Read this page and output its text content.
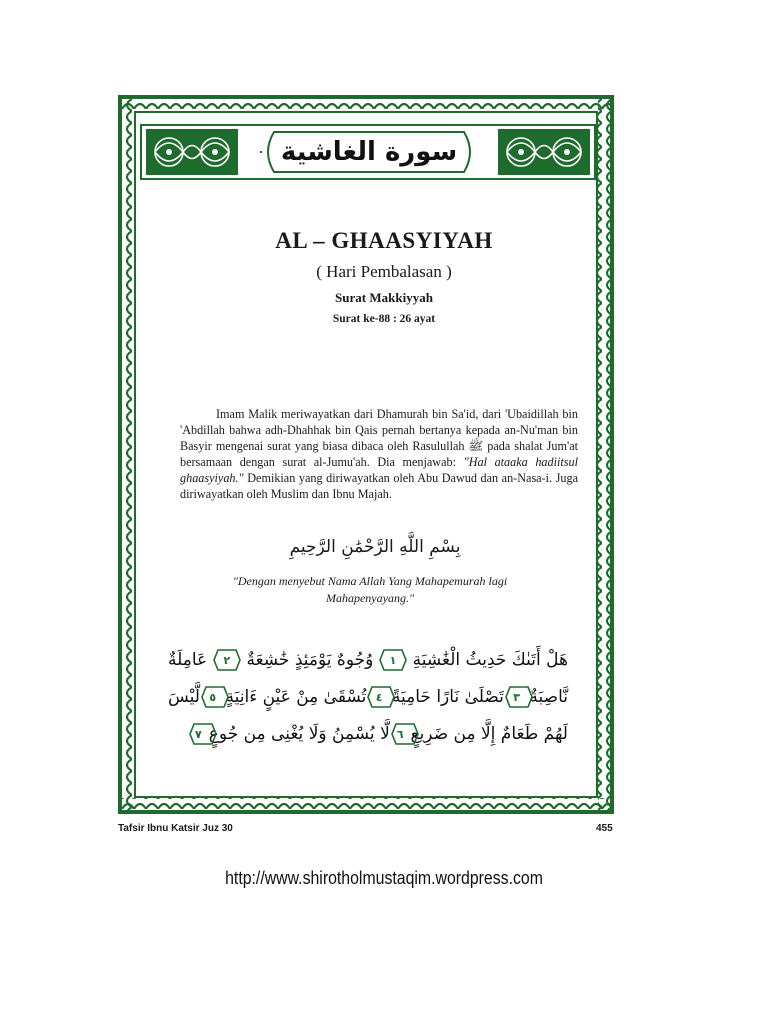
سورة الغاشية
AL – GHAASYIYAH
( Hari Pembalasan )
Surat Makkiyyah
Surat ke-88 : 26 ayat

Imam Malik meriwayatkan dari Dhamurah bin Sa'id, dari 'Ubaidillah bin 'Abdillah bahwa adh-Dhahhak bin Qais pernah bertanya kepada an-Nu'man bin Basyir mengenai surat yang biasa dibaca oleh Rasulullah ﷺ pada shalat Jum'at bersamaan dengan surat al-Jumu'ah. Dia menjawab: "Hal ataaka hadiitsul ghaasyiyah." Demikian yang diriwayatkan oleh Abu Dawud dan an-Nasa-i. Juga diriwayatkan oleh Muslim dan Ibnu Majah.

بِسْمِ اللَّهِ الرَّحْمَٰنِ الرَّحِيمِ
"Dengan menyebut Nama Allah Yang Mahapemurah lagi Mahapenyayang."
هَلْ أَتَىٰكَ حَدِيثُ الْغَٰشِيَةِ
١
وُجُوهٌ يَوْمَئِذٍ خَٰشِعَةٌ
٢
عَامِلَةٌ
نَّاصِبَةٌ
٣
تَصْلَىٰ نَارًا حَامِيَةً
٤
تُسْقَىٰ مِنْ عَيْنٍ ءَانِيَةٍ
٥
لَّيْسَ
لَهُمْ طَعَامٌ إِلَّا مِن ضَرِيعٍ
٦
لَّا يُسْمِنُ وَلَا يُغْنِى مِن جُوعٍ
٧
Tafsir Ibnu Katsir Juz 30	455
http://www.shirotholmustaqim.wordpress.com
